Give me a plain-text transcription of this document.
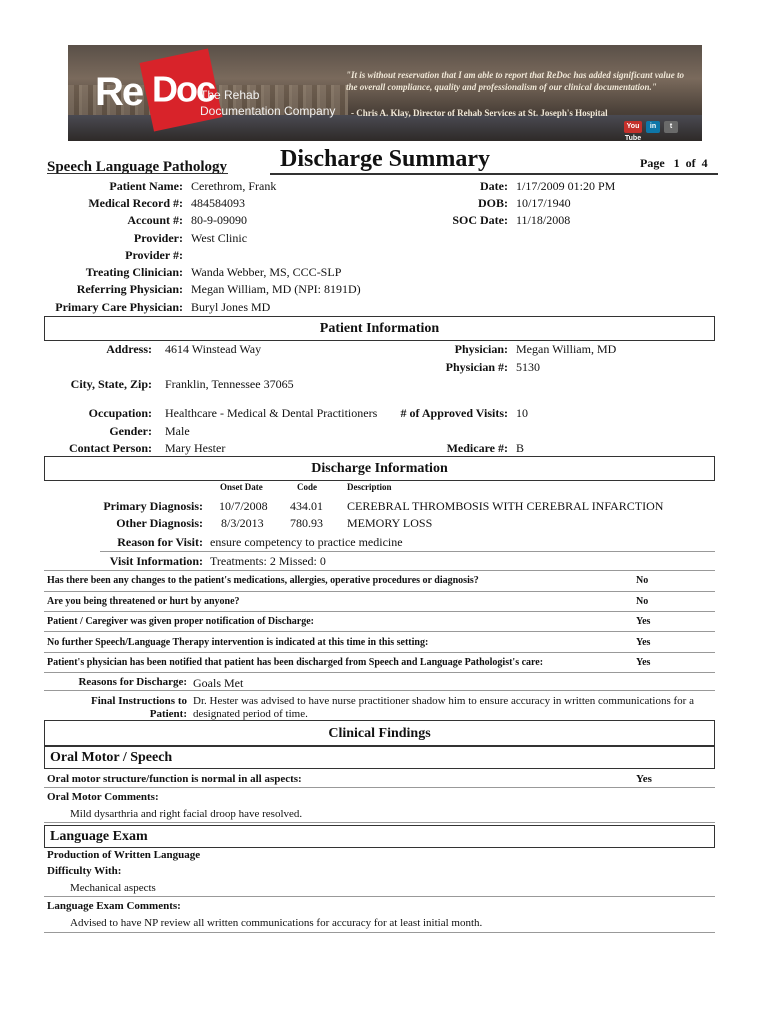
Doc
Re	The Rehab
Documentation Company
"It is without reservation that I am able to report that ReDoc has added significant value to the overall compliance, quality and professionalism of our clinical documentation."
- Chris A. Klay, Director of Rehab Services at St. Joseph's Hospital
You Tube
in	t
Speech Language Pathology Discharge Summary	Page 1 of 4
Patient Name: Cerethrom, Frank
Medical Record #: 484584093
Account #: 80-9-09090
Provider: West Clinic
Provider #:
Treating Clinician: Wanda Webber, MS, CCC-SLP
Referring Physician: Megan William, MD (NPI: 8191D)
Primary Care Physician: Buryl Jones MD
Date: 1/17/2009 01:20 PM
DOB: 10/17/1940
SOC Date: 11/18/2008
Patient Information
Address: 4614 Winstead Way
City, State, Zip: Franklin, Tennessee 37065
Occupation: Healthcare - Medical & Dental Practitioners
Gender: Male
Contact Person: Mary Hester
Physician: Megan William, MD
Physician #: 5130
# of Approved Visits: 10
Medicare #: B
Discharge Information
Onset Date	Code	Description
Primary Diagnosis: 10/7/2008 434.01 CEREBRAL THROMBOSIS WITH CEREBRAL INFARCTION
Other Diagnosis: 8/3/2013 780.93 MEMORY LOSS
Reason for Visit: ensure competency to practice medicine
Visit Information: Treatments: 2 Missed: 0
Has there been any changes to the patient's medications, allergies, operative procedures or diagnosis?	No
Are you being threatened or hurt by anyone?	No
Patient / Caregiver was given proper notification of Discharge:	Yes
No further Speech/Language Therapy intervention is indicated at this time in this setting:	Yes
Patient's physician has been notified that patient has been discharged from Speech and Language Pathologist's care:	Yes
Reasons for Discharge: Goals Met
Final Instructions to
Patient:
Dr. Hester was advised to have nurse practitioner shadow him to ensure accuracy in written communications for a
designated period of time.
Clinical Findings
Oral Motor / Speech
Oral motor structure/function is normal in all aspects:	Yes
Oral Motor Comments:
Mild dysarthria and right facial droop have resolved.
Language Exam
Production of Written Language
Difficulty With:
Mechanical aspects
Language Exam Comments:
Advised to have NP review all written communications for accuracy for at least initial month.
